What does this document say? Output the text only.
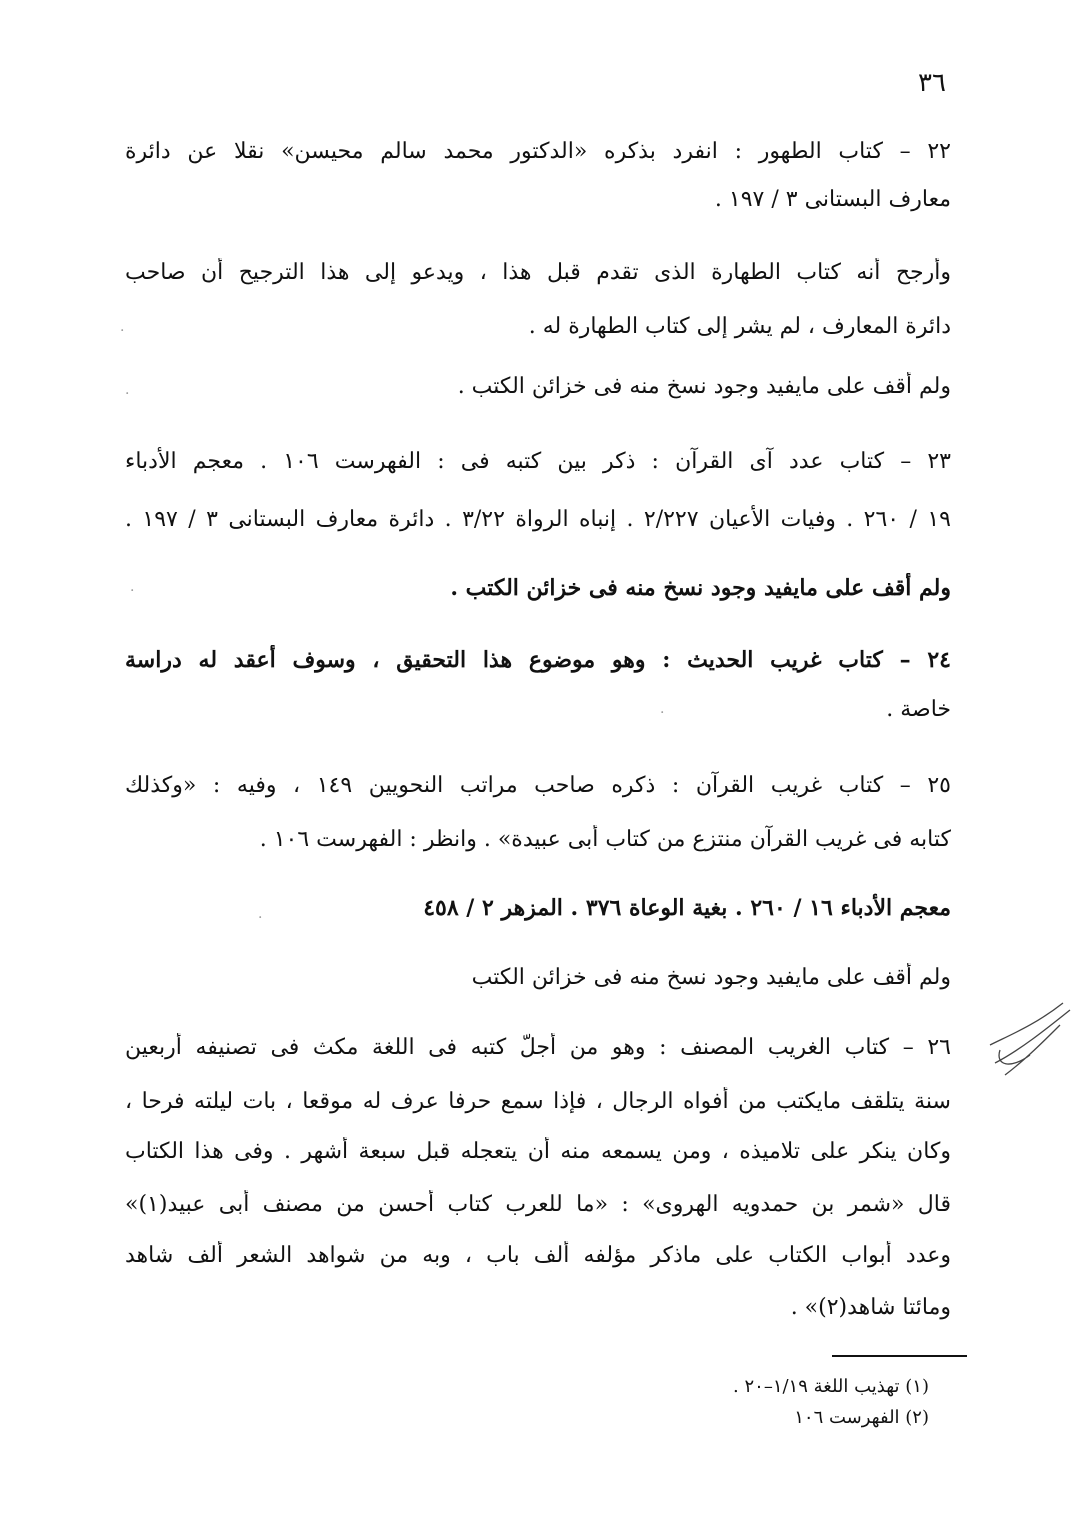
٣٦
٢٢ – كتاب الطهور : انفرد بذكره «الدكتور محمد سالم محيسن» نقلا عن دائرة
معارف البستانى ٣ / ١٩٧ .
وأرجح أنه كتاب الطهارة الذى تقدم قبل هذا ، ويدعو إلى هذا الترجيح أن صاحب
دائرة المعارف ، لم يشر إلى كتاب الطهارة له .
ولم أقف على مايفيد وجود نسخ منه فى خزائن الكتب .
٢٣ – كتاب عدد آى القرآن : ذكر بين كتبه فى : الفهرست ١٠٦ . معجم الأدباء
١٩ / ٢٦٠ . وفيات الأعيان ٢/٢٢٧ . إنباه الرواة ٣/٢٢ . دائرة معارف البستانى ٣ / ١٩٧ .
ولم أقف على مايفيد وجود نسخ منه فى خزائن الكتب .
٢٤ – كتاب غريب الحديث : وهو موضوع هذا التحقيق ، وسوف أعقد له دراسة
خاصة .
٢٥ – كتاب غريب القرآن : ذكره صاحب مراتب النحويين ١٤٩ ، وفيه : «وكذلك
كتابه فى غريب القرآن منتزع من كتاب أبى عبيدة» . وانظر : الفهرست ١٠٦ .
معجم الأدباء ١٦ / ٢٦٠ . بغية الوعاة ٣٧٦ . المزهر ٢ / ٤٥٨
ولم أقف على مايفيد وجود نسخ منه فى خزائن الكتب
٢٦ – كتاب الغريب المصنف : وهو من أجلّ كتبه فى اللغة مكث فى تصنيفه أربعين
سنة يتلقف مايكتب من أفواه الرجال ، فإذا سمع حرفا عرف له موقعا ، بات ليلته فرحا ،
وكان ينكر على تلاميذه ، ومن يسمعه منه أن يتعجله قبل سبعة أشهر . وفى هذا الكتاب
قال «شمر بن حمدويه الهروى» : «ما للعرب كتاب أحسن من مصنف أبى عبيد(١)»
وعدد أبواب الكتاب على ماذكر مؤلفه ألف باب ، وبه من شواهد الشعر ألف شاهد
ومائتا شاهد(٢)» .
(١) تهذيب اللغة ١/١٩–٢٠ .
(٢) الفهرست ١٠٦
·
·
·
·
·
